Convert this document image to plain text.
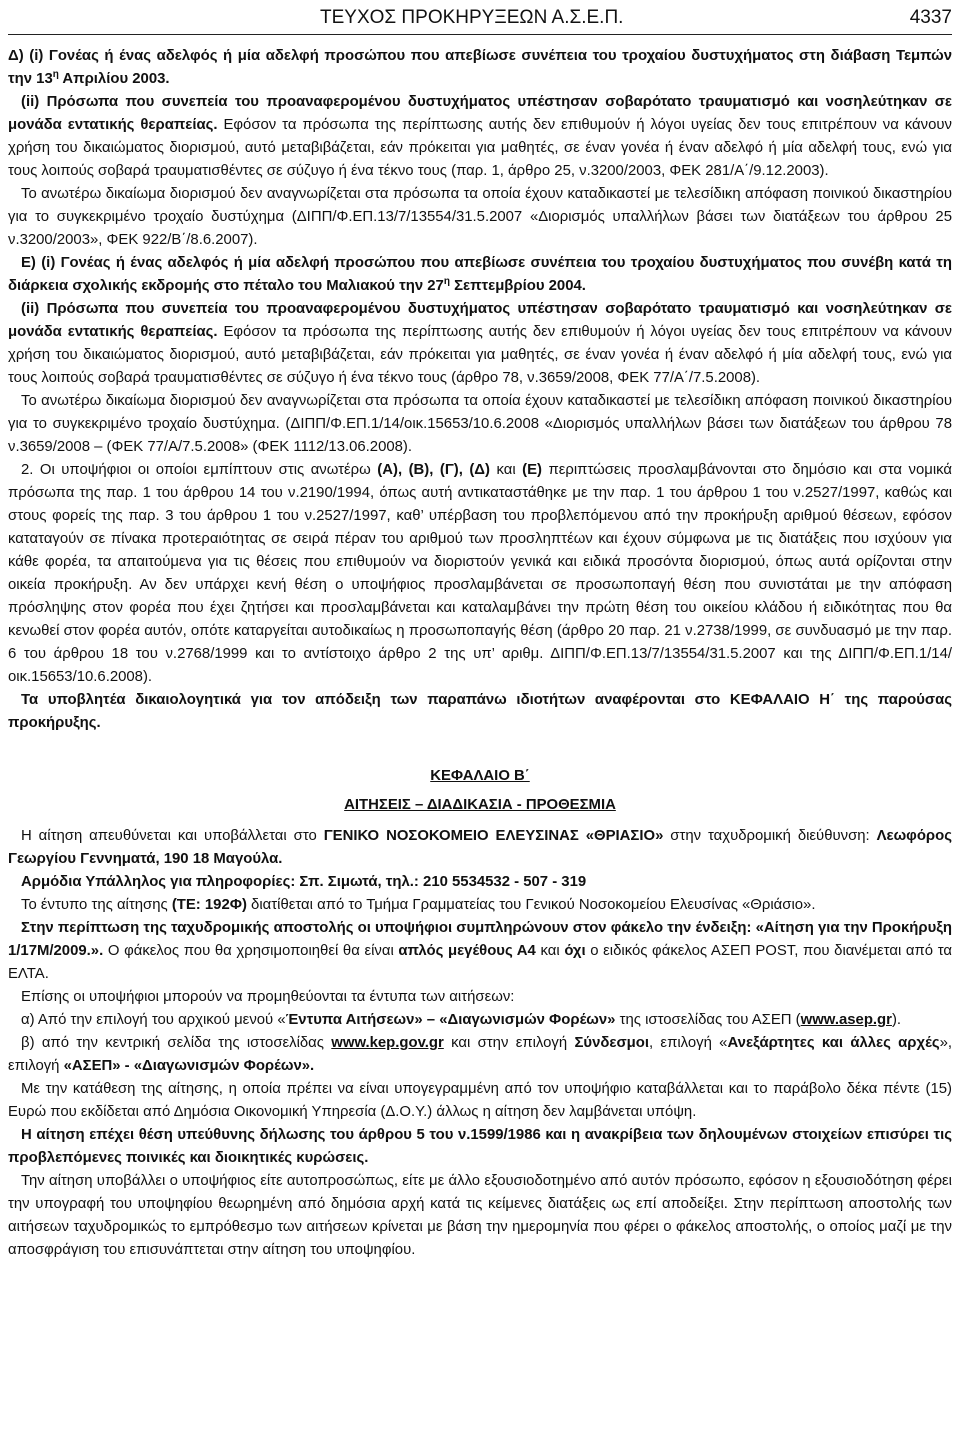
ΤΕΥΧΟΣ ΠΡΟΚΗΡΥΞΕΩΝ Α.Σ.Ε.Π.	4337

Δ) (i) Γονέας ή ένας αδελφός ή μία αδελφή προσώπου που απεβίωσε συνέπεια του τροχαίου δυστυχήματος στη διάβαση Τεμπών την $13^\eta$ Απριλίου 2003.

(ii) Πρόσωπα που συνεπεία του προαναφερομένου δυστυχήματος υπέστησαν σοβαρότατο τραυματισμό και νοσηλεύτηκαν σε μονάδα εντατικής θεραπείας. Εφόσον τα πρόσωπα της περίπτωσης αυτής δεν επιθυμούν ή λόγοι υγείας δεν τους επιτρέπουν να κάνουν χρήση του δικαιώματος διορισμού, αυτό μεταβιβάζεται, εάν πρόκειται για μαθητές, σε έναν γονέα ή έναν αδελφό ή μία αδελφή τους, ενώ για τους λοιπούς σοβαρά τραυματισθέντες σε σύζυγο ή ένα τέκνο τους (παρ. 1, άρθρο 25, ν.3200/2003, ΦΕΚ 281/Α΄/9.12.2003).

Το ανωτέρω δικαίωμα διορισμού δεν αναγνωρίζεται στα πρόσωπα τα οποία έχουν καταδικαστεί με τελεσίδικη απόφαση ποινικού δικαστηρίου για το συγκεκριμένο τροχαίο δυστύχημα (ΔΙΠΠ/Φ.ΕΠ.13/7/13554/31.5.2007 «Διορισμός υπαλλήλων βάσει των διατάξεων του άρθρου 25 ν.3200/2003», ΦΕΚ 922/Β΄/8.6.2007).

Ε) (i) Γονέας ή ένας αδελφός ή μία αδελφή προσώπου που απεβίωσε συνέπεια του τροχαίου δυστυχήματος που συνέβη κατά τη διάρκεια σχολικής εκδρομής στο πέταλο του Μαλιακού την $27^\eta$ Σεπτεμβρίου 2004.

(ii) Πρόσωπα που συνεπεία του προαναφερομένου δυστυχήματος υπέστησαν σοβαρότατο τραυματισμό και νοσηλεύτηκαν σε μονάδα εντατικής θεραπείας. Εφόσον τα πρόσωπα της περίπτωσης αυτής δεν επιθυμούν ή λόγοι υγείας δεν τους επιτρέπουν να κάνουν χρήση του δικαιώματος διορισμού, αυτό μεταβιβάζεται, εάν πρόκειται για μαθητές, σε έναν γονέα ή έναν αδελφό ή μία αδελφή τους, ενώ για τους λοιπούς σοβαρά τραυματισθέντες σε σύζυγο ή ένα τέκνο τους (άρθρο 78, ν.3659/2008, ΦΕΚ 77/Α΄/7.5.2008).

Το ανωτέρω δικαίωμα διορισμού δεν αναγνωρίζεται στα πρόσωπα τα οποία έχουν καταδικαστεί με τελεσίδικη απόφαση ποινικού δικαστηρίου για το συγκεκριμένο τροχαίο δυστύχημα. (ΔΙΠΠ/Φ.ΕΠ.1/14/οικ.15653/10.6.2008 «Διορισμός υπαλλήλων βάσει των διατάξεων του άρθρου 78 ν.3659/2008 – (ΦΕΚ 77/Α/7.5.2008» (ΦΕΚ 1112/13.06.2008).

2. Οι υποψήφιοι οι οποίοι εμπίπτουν στις ανωτέρω (Α), (Β), (Γ), (Δ) και (Ε) περιπτώσεις προσλαμβάνονται στο δημόσιο και στα νομικά πρόσωπα της παρ. 1 του άρθρου 14 του ν.2190/1994, όπως αυτή αντικαταστάθηκε με την παρ. 1 του άρθρου 1 του ν.2527/1997, καθώς και στους φορείς της παρ. 3 του άρθρου 1 του ν.2527/1997, καθ’ υπέρβαση του προβλεπόμενου από την προκήρυξη αριθμού θέσεων, εφόσον καταταγούν σε πίνακα προτεραιότητας σε σειρά πέραν του αριθμού των προσληπτέων και έχουν σύμφωνα με τις διατάξεις που ισχύουν για κάθε φορέα, τα απαιτούμενα για τις θέσεις που επιθυμούν να διοριστούν γενικά και ειδικά προσόντα διορισμού, όπως αυτά ορίζονται στην οικεία προκήρυξη. Αν δεν υπάρχει κενή θέση ο υποψήφιος προσλαμβάνεται σε προσωποπαγή θέση που συνιστάται με την απόφαση πρόσληψης στον φορέα που έχει ζητήσει και προσλαμβάνεται και καταλαμβάνει την πρώτη θέση του οικείου κλάδου ή ειδικότητας που θα κενωθεί στον φορέα αυτόν, οπότε καταργείται αυτοδικαίως η προσωποπαγής θέση (άρθρο 20 παρ. 21 ν.2738/1999, σε συνδυασμό με την παρ. 6 του άρθρου 18 του ν.2768/1999 και το αντίστοιχο άρθρο 2 της υπ’ αριθμ. ΔΙΠΠ/Φ.ΕΠ.13/7/13554/31.5.2007 και της ΔΙΠΠ/Φ.ΕΠ.1/14/οικ.15653/10.6.2008).

Τα υποβλητέα δικαιολογητικά για τον απόδειξη των παραπάνω ιδιοτήτων αναφέρονται στο ΚΕΦΑΛΑΙΟ Η΄ της παρούσας προκήρυξης.

ΚΕΦΑΛΑΙΟ Β΄

ΑΙΤΗΣΕΙΣ – ΔΙΑΔΙΚΑΣΙΑ - ΠΡΟΘΕΣΜΙΑ

Η αίτηση απευθύνεται και υποβάλλεται στο ΓΕΝΙΚΟ ΝΟΣΟΚΟΜΕΙΟ ΕΛΕΥΣΙΝΑΣ «ΘΡΙΑΣΙΟ» στην ταχυδρομική διεύθυνση: Λεωφόρος Γεωργίου Γεννηματά, 190 18 Μαγούλα.

Αρμόδια Υπάλληλος για πληροφορίες: Σπ. Σιμωτά, τηλ.: 210 5534532 - 507 - 319

Το έντυπο της αίτησης (ΤΕ: 192Φ) διατίθεται από το Τμήμα Γραμματείας του Γενικού Νοσοκομείου Ελευσίνας «Θριάσιο».

Στην περίπτωση της ταχυδρομικής αποστολής οι υποψήφιοι συμπληρώνουν στον φάκελο την ένδειξη: «Αίτηση για την Προκήρυξη 1/17Μ/2009.». Ο φάκελος που θα χρησιμοποιηθεί θα είναι απλός μεγέθους Α4 και όχι ο ειδικός φάκελος ΑΣΕΠ POST, που διανέμεται από τα ΕΛΤΑ.

Επίσης οι υποψήφιοι μπορούν να προμηθεύονται τα έντυπα των αιτήσεων:

α) Από την επιλογή του αρχικού μενού «Έντυπα Αιτήσεων» – «Διαγωνισμών Φορέων» της ιστοσελίδας του ΑΣΕΠ (www.asep.gr).

β) από την κεντρική σελίδα της ιστοσελίδας www.kep.gov.gr και στην επιλογή Σύνδεσμοι, επιλογή «Ανεξάρτητες και άλλες αρχές», επιλογή «ΑΣΕΠ» - «Διαγωνισμών Φορέων».

Με την κατάθεση της αίτησης, η οποία πρέπει να είναι υπογεγραμμένη από τον υποψήφιο καταβάλλεται και το παράβολο δέκα πέντε (15) Ευρώ που εκδίδεται από Δημόσια Οικονομική Υπηρεσία (Δ.Ο.Υ.) άλλως η αίτηση δεν λαμβάνεται υπόψη.

Η αίτηση επέχει θέση υπεύθυνης δήλωσης του άρθρου 5 του ν.1599/1986 και η ανακρίβεια των δηλουμένων στοιχείων επισύρει τις προβλεπόμενες ποινικές και διοικητικές κυρώσεις.

Την αίτηση υποβάλλει ο υποψήφιος είτε αυτοπροσώπως, είτε με άλλο εξουσιοδοτημένο από αυτόν πρόσωπο, εφόσον η εξουσιοδότηση φέρει την υπογραφή του υποψηφίου θεωρημένη από δημόσια αρχή κατά τις κείμενες διατάξεις ως επί αποδείξει. Στην περίπτωση αποστολής των αιτήσεων ταχυδρομικώς το εμπρόθεσμο των αιτήσεων κρίνεται με βάση την ημερομηνία που φέρει ο φάκελος αποστολής, ο οποίος μαζί με την αποσφράγιση του επισυνάπτεται στην αίτηση του υποψηφίου.
